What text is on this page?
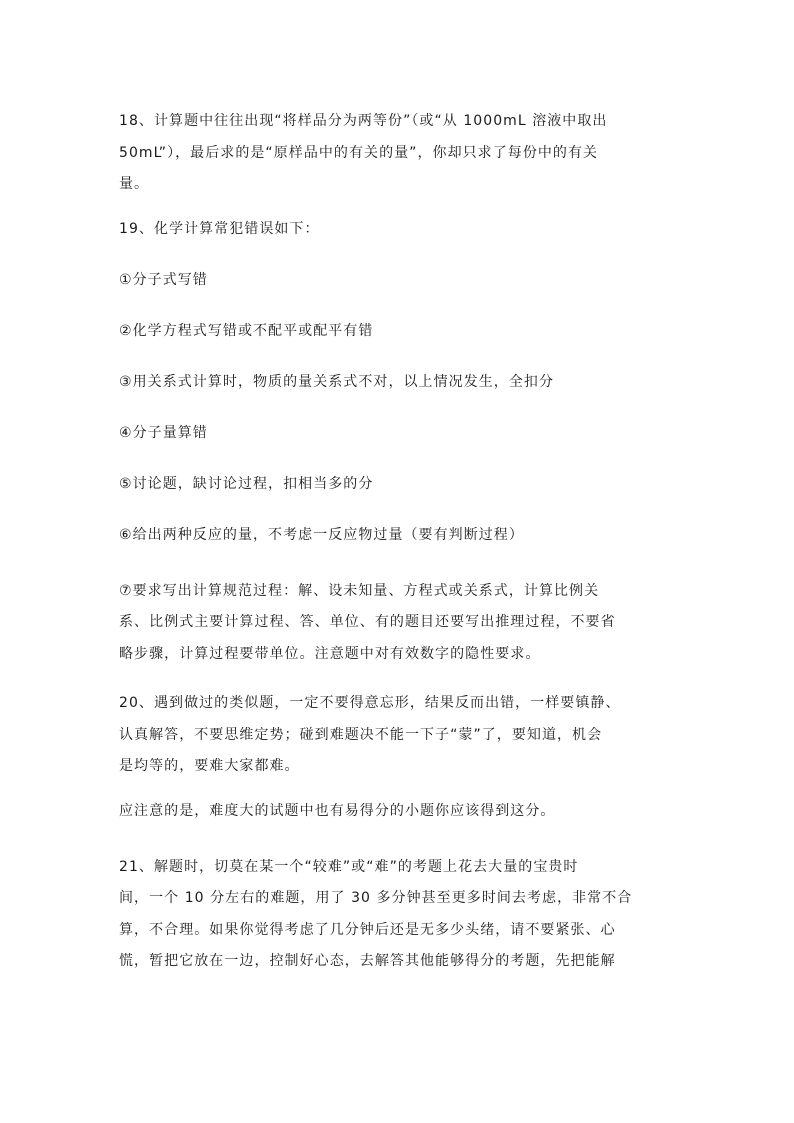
18、计算题中往往出现“将样品分为两等份”（或“从 1000mL 溶液中取出
50mL”），最后求的是“原样品中的有关的量”，你却只求了每份中的有关
量。
19、化学计算常犯错误如下：
①分子式写错
②化学方程式写错或不配平或配平有错
③用关系式计算时，物质的量关系式不对，以上情况发生，全扣分
④分子量算错
⑤讨论题，缺讨论过程，扣相当多的分
⑥给出两种反应的量，不考虑一反应物过量（要有判断过程）
⑦要求写出计算规范过程：解、设未知量、方程式或关系式，计算比例关
系、比例式主要计算过程、答、单位、有的题目还要写出推理过程，不要省
略步骤，计算过程要带单位。注意题中对有效数字的隐性要求。
20、遇到做过的类似题，一定不要得意忘形，结果反而出错，一样要镇静、
认真解答，不要思维定势；碰到难题决不能一下子“蒙”了，要知道，机会
是均等的，要难大家都难。
应注意的是，难度大的试题中也有易得分的小题你应该得到这分。
21、解题时，切莫在某一个“较难”或“难”的考题上花去大量的宝贵时
间，一个 10 分左右的难题，用了 30 多分钟甚至更多时间去考虑，非常不合
算，不合理。如果你觉得考虑了几分钟后还是无多少头绪，请不要紧张、心
慌，暂把它放在一边，控制好心态，去解答其他能够得分的考题，先把能解
